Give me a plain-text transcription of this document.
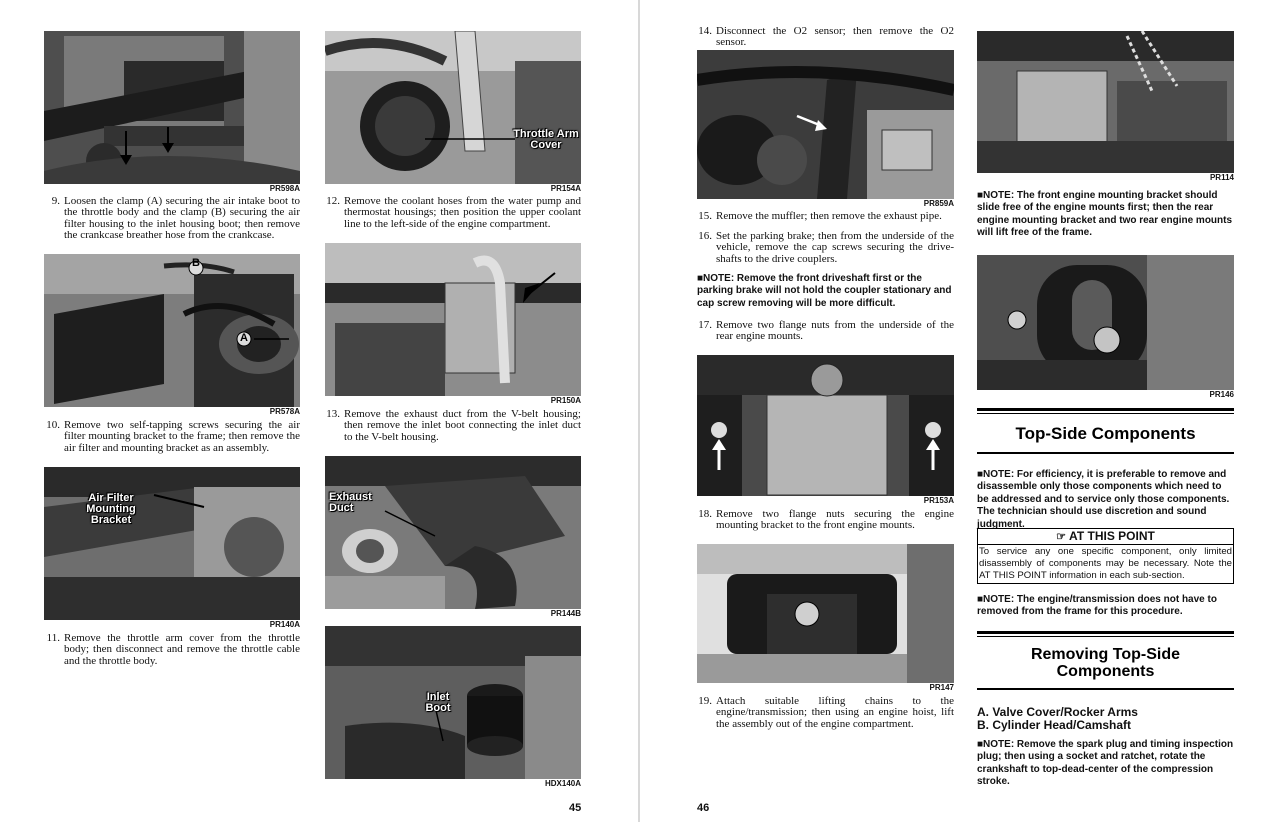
PR598A
9. Loosen the clamp (A) securing the air intake boot to the throttle body and the clamp (B) securing the air filter housing to the inlet housing boot; then remove the crankcase breather hose from the crankcase.
B
A
PR578A
10. Remove two self-tapping screws securing the air filter mounting bracket to the frame; then remove the air filter and mounting bracket as an assembly.
Air Filter Mounting Bracket
PR140A
11. Remove the throttle arm cover from the throttle body; then disconnect and remove the throttle cable and the throttle body.
Throttle Arm Cover
PR154A
12. Remove the coolant hoses from the water pump and thermostat housings; then position the upper coolant line to the left-side of the engine compartment.
PR150A
13. Remove the exhaust duct from the V-belt housing; then remove the inlet boot connecting the inlet duct to the V-belt housing.
Exhaust Duct
PR144B
Inlet Boot
HDX140A
45
14. Disconnect the O2 sensor; then remove the O2 sensor.
PR859A
15. Remove the muffler; then remove the exhaust pipe.
16. Set the parking brake; then from the underside of the vehicle, remove the cap screws securing the drive-shafts to the drive couplers.
■NOTE: Remove the front driveshaft first or the parking brake will not hold the coupler stationary and cap screw removing will be more difficult.
17. Remove two flange nuts from the underside of the rear engine mounts.
PR153A
18. Remove two flange nuts securing the engine mounting bracket to the front engine mounts.
PR147
19. Attach suitable lifting chains to the engine/transmission; then using an engine hoist, lift the assembly out of the engine compartment.
46
PR114
■NOTE: The front engine mounting bracket should slide free of the engine mounts first; then the rear engine mounting bracket and two rear engine mounts will lift free of the frame.
PR146
Top-Side Components
■NOTE: For efficiency, it is preferable to remove and disassemble only those components which need to be addressed and to service only those components. The technician should use discretion and sound judgment.
☞ AT THIS POINT
To service any one specific component, only limited disassembly of components may be necessary. Note the AT THIS POINT information in each sub-section.
■NOTE: The engine/transmission does not have to removed from the frame for this procedure.
Removing Top-Side
Components
A. Valve Cover/Rocker Arms
B. Cylinder Head/Camshaft
■NOTE: Remove the spark plug and timing inspection plug; then using a socket and ratchet, rotate the crankshaft to top-dead-center of the compression stroke.
